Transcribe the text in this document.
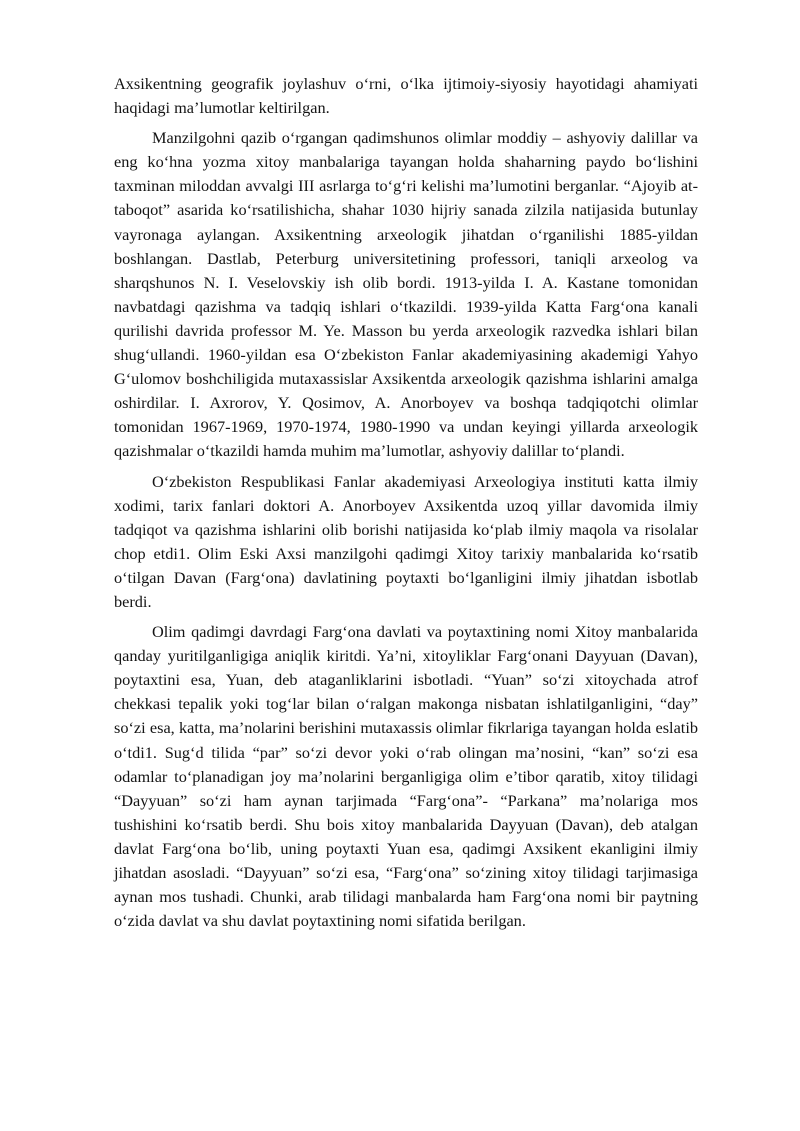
Axsikentning geografik joylashuv o‘rni, o‘lka ijtimoiy-siyosiy hayotidagi ahamiyati haqidagi ma’lumotlar keltirilgan.

Manzilgohni qazib o‘rgangan qadimshunos olimlar moddiy – ashyoviy dalillar va eng ko‘hna yozma xitoy manbalariga tayangan holda shaharning paydo bo‘lishini taxminan miloddan avvalgi III asrlarga to‘g‘ri kelishi ma’lumotini berganlar. “Ajoyib at-taboqot” asarida ko‘rsatilishicha, shahar 1030 hijriy sanada zilzila natijasida butunlay vayronaga aylangan. Axsikentning arxeologik jihatdan o‘rganilishi 1885-yildan boshlangan. Dastlab, Peterburg universitetining professori, taniqli arxeolog va sharqshunos N. I. Veselovskiy ish olib bordi. 1913-yilda I. A. Kastane tomonidan navbatdagi qazishma va tadqiq ishlari o‘tkazildi. 1939-yilda Katta Farg‘ona kanali qurilishi davrida professor M. Ye. Masson bu yerda arxeologik razvedka ishlari bilan shug‘ullandi. 1960-yildan esa O‘zbekiston Fanlar akademiyasining akademigi Yahyo G‘ulomov boshchiligida mutaxassislar Axsikentda arxeologik qazishma ishlarini amalga oshirdilar. I. Axrorov, Y. Qosimov, A. Anorboyev va boshqa tadqiqotchi olimlar tomonidan 1967-1969, 1970-1974, 1980-1990 va undan keyingi yillarda arxeologik qazishmalar o‘tkazildi hamda muhim ma’lumotlar, ashyoviy dalillar to‘plandi.

O‘zbekiston Respublikasi Fanlar akademiyasi Arxeologiya instituti katta ilmiy xodimi, tarix fanlari doktori A. Anorboyev Axsikentda uzoq yillar davomida ilmiy tadqiqot va qazishma ishlarini olib borishi natijasida ko‘plab ilmiy maqola va risolalar chop etdi1. Olim Eski Axsi manzilgohi qadimgi Xitoy tarixiy manbalarida ko‘rsatib o‘tilgan Davan (Farg‘ona) davlatining poytaxti bo‘lganligini ilmiy jihatdan isbotlab berdi.

Olim qadimgi davrdagi Farg‘ona davlati va poytaxtining nomi Xitoy manbalarida qanday yuritilganligiga aniqlik kiritdi. Ya’ni, xitoyliklar Farg‘onani Dayyuan (Davan), poytaxtini esa, Yuan, deb ataganliklarini isbotladi. “Yuan” so‘zi xitoychada atrof chekkasi tepalik yoki tog‘lar bilan o‘ralgan makonga nisbatan ishlatilganligini, “day” so‘zi esa, katta, ma’nolarini berishini mutaxassis olimlar fikrlariga tayangan holda eslatib o‘tdi1. Sug‘d tilida “par” so‘zi devor yoki o‘rab olingan ma’nosini, “kan” so‘zi esa odamlar to‘planadigan joy ma’nolarini berganligiga olim e’tibor qaratib, xitoy tilidagi “Dayyuan” so‘zi ham aynan tarjimada “Farg‘ona”- “Parkana” ma’nolariga mos tushishini ko‘rsatib berdi. Shu bois xitoy manbalarida Dayyuan (Davan), deb atalgan davlat Farg‘ona bo‘lib, uning poytaxti Yuan esa, qadimgi Axsikent ekanligini ilmiy jihatdan asosladi. “Dayyuan” so‘zi esa, “Farg‘ona” so‘zining xitoy tilidagi tarjimasiga aynan mos tushadi. Chunki, arab tilidagi manbalarda ham Farg‘ona nomi bir paytning o‘zida davlat va shu davlat poytaxtining nomi sifatida berilgan.
